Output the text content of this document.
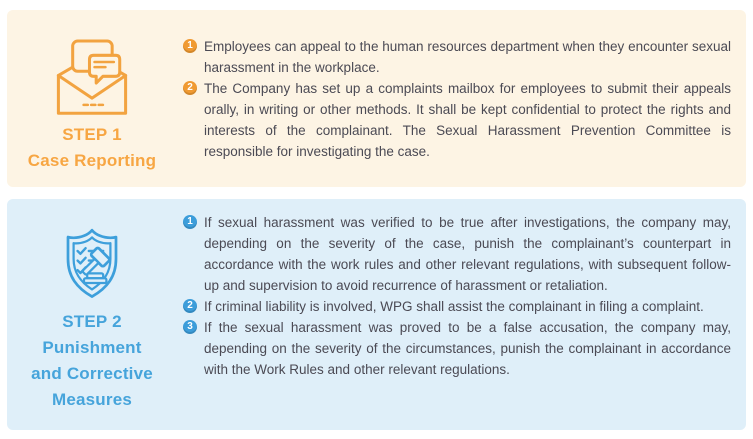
STEP 1
Case Reporting
1 Employees can appeal to the human resources department when they encounter sexual harassment in the workplace.

2 The Company has set up a complaints mailbox for employees to submit their appeals orally, in writing or other methods. It shall be kept confidential to protect the rights and interests of the complainant. The Sexual Harassment Prevention Committee is responsible for investigating the case.

STEP 2
Punishment
and Corrective
Measures
1 If sexual harassment was verified to be true after investigations, the company may, depending on the severity of the case, punish the complainant’s counterpart in accordance with the work rules and other relevant regulations, with subsequent follow-up and supervision to avoid recurrence of harassment or retaliation.

2 If criminal liability is involved, WPG shall assist the complainant in filing a complaint.

3 If the sexual harassment was proved to be a false accusation, the company may, depending on the severity of the circumstances, punish the complainant in accordance with the Work Rules and other relevant regulations.
